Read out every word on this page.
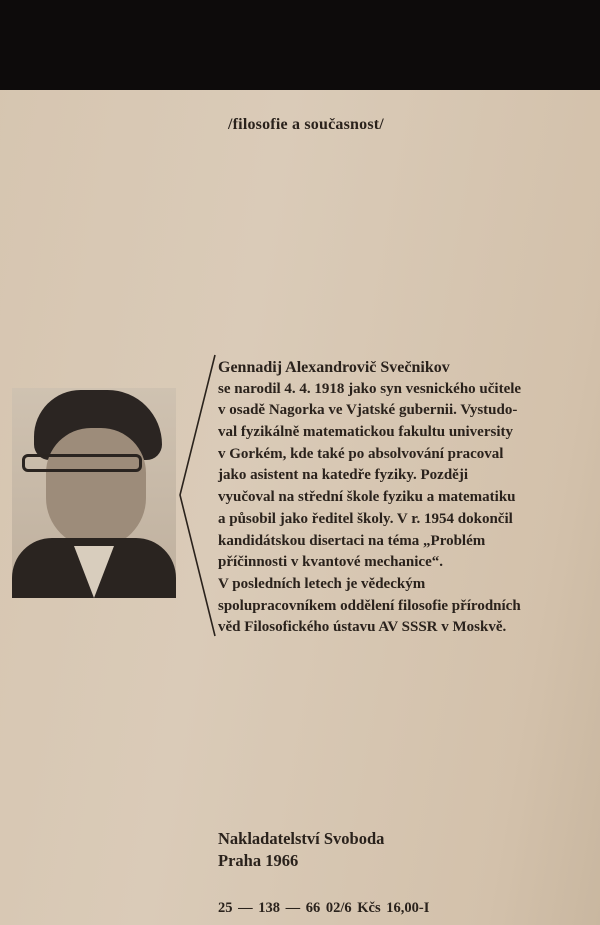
/filosofie a současnost/
Gennadij Alexandrovič Svečnikov
se narodil 4. 4. 1918 jako syn vesnického učitele
v osadě Nagorka ve Vjatské gubernii. Vystudo-
val fyzikálně matematickou fakultu university
v Gorkém, kde také po absolvování pracoval
jako asistent na katedře fyziky. Později
vyučoval na střední škole fyziku a matematiku
a působil jako ředitel školy. V r. 1954 dokončil
kandidátskou disertaci na téma „Problém
příčinnosti v kvantové mechanice“.
V posledních letech je vědeckým
spolupracovníkem oddělení filosofie přírodních
věd Filosofického ústavu AV SSSR v Moskvě.
Nakladatelství Svoboda
Praha 1966
25 — 138 — 66 02/6 Kčs 16,00-I
